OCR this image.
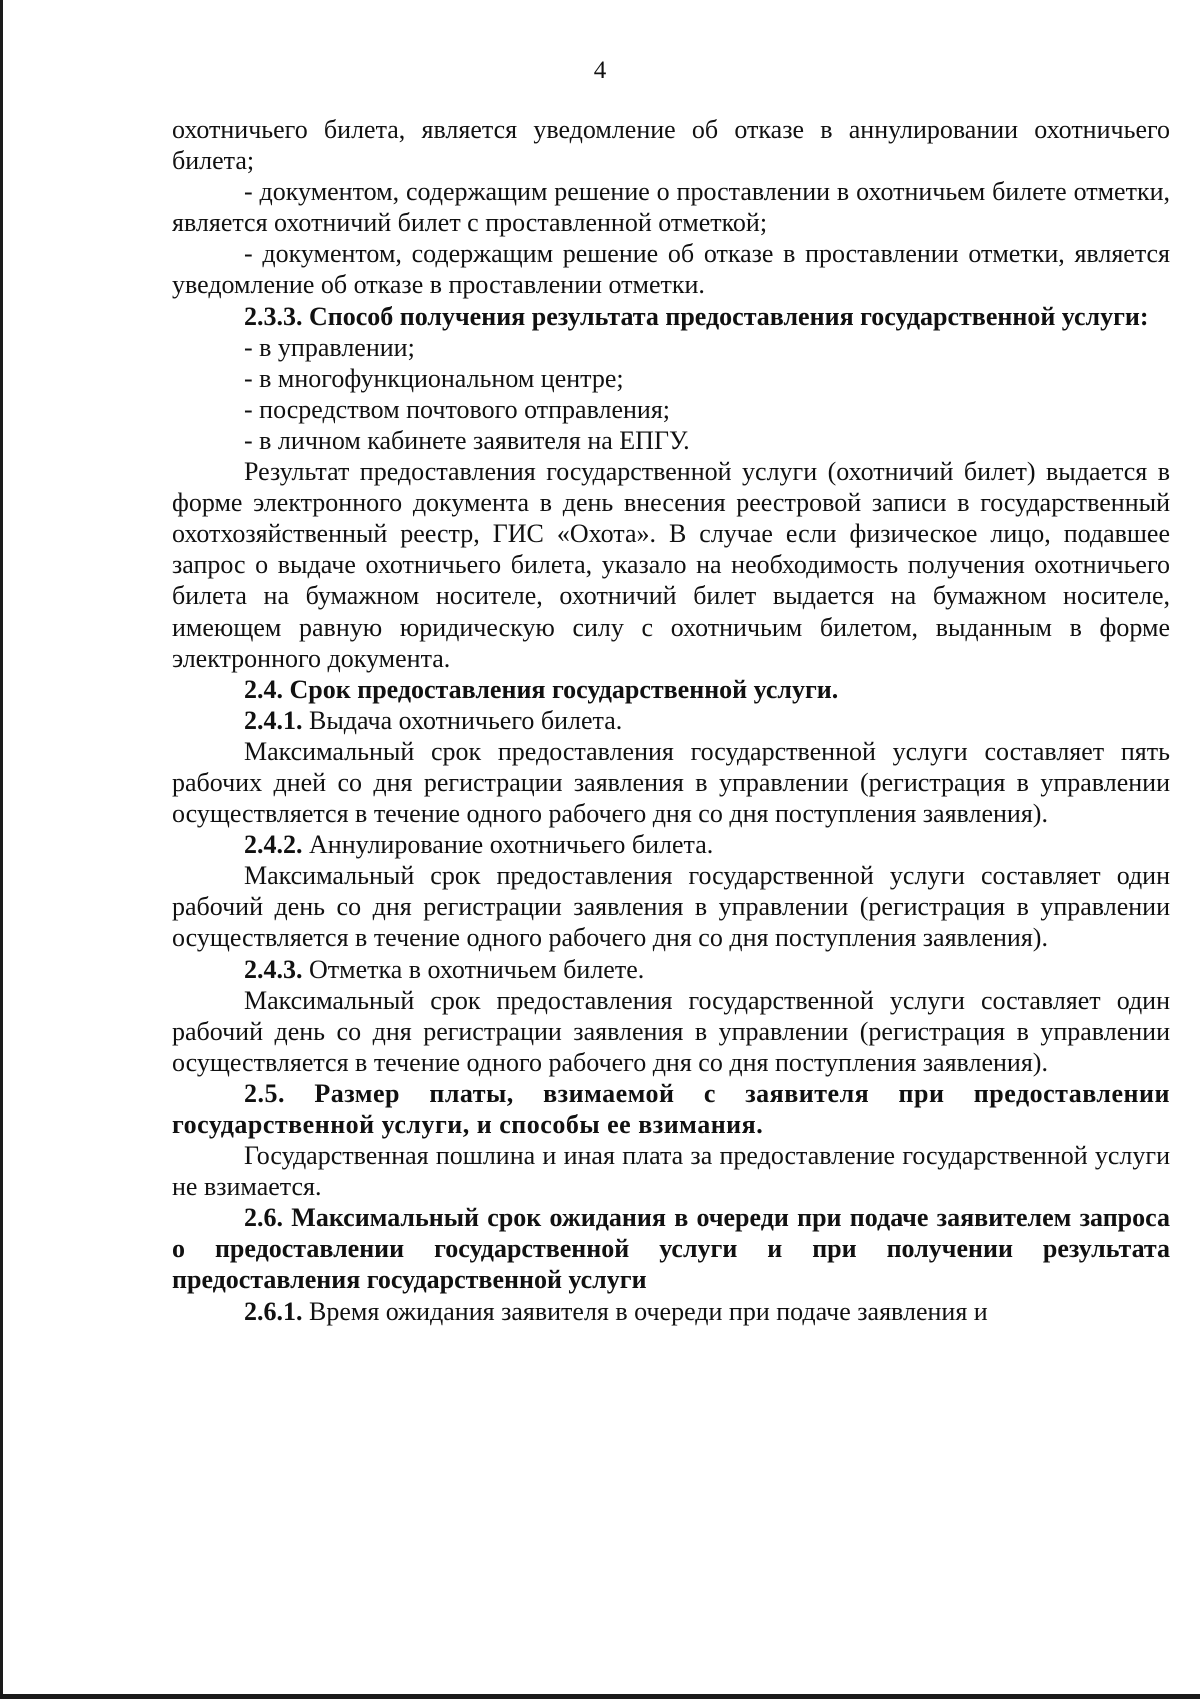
4

охотничьего билета, является уведомление об отказе в аннулировании охотничьего билета;

- документом, содержащим решение о проставлении в охотничьем билете отметки, является охотничий билет с проставленной отметкой;

- документом, содержащим решение об отказе в проставлении отметки, является уведомление об отказе в проставлении отметки.

2.3.3. Способ получения результата предоставления государственной услуги:

- в управлении;

- в многофункциональном центре;

- посредством почтового отправления;

- в личном кабинете заявителя на ЕПГУ.

Результат предоставления государственной услуги (охотничий билет) выдается в форме электронного документа в день внесения реестровой записи в государственный охотхозяйственный реестр, ГИС «Охота». В случае если физическое лицо, подавшее запрос о выдаче охотничьего билета, указало на необходимость получения охотничьего билета на бумажном носителе, охотничий билет выдается на бумажном носителе, имеющем равную юридическую силу с охотничьим билетом, выданным в форме электронного документа.

2.4. Срок предоставления государственной услуги.

2.4.1. Выдача охотничьего билета.

Максимальный срок предоставления государственной услуги составляет пять рабочих дней со дня регистрации заявления в управлении (регистрация в управлении осуществляется в течение одного рабочего дня со дня поступления заявления).

2.4.2. Аннулирование охотничьего билета.

Максимальный срок предоставления государственной услуги составляет один рабочий день со дня регистрации заявления в управлении (регистрация в управлении осуществляется в течение одного рабочего дня со дня поступления заявления).

2.4.3. Отметка в охотничьем билете.

Максимальный срок предоставления государственной услуги составляет один рабочий день со дня регистрации заявления в управлении (регистрация в управлении осуществляется в течение одного рабочего дня со дня поступления заявления).

2.5. Размер платы, взимаемой с заявителя при предоставлении государственной услуги, и способы ее взимания.

Государственная пошлина и иная плата за предоставление государственной услуги не взимается.

2.6. Максимальный срок ожидания в очереди при подаче заявителем запроса о предоставлении государственной услуги и при получении результата предоставления государственной услуги

2.6.1. Время ожидания заявителя в очереди при подаче заявления и
